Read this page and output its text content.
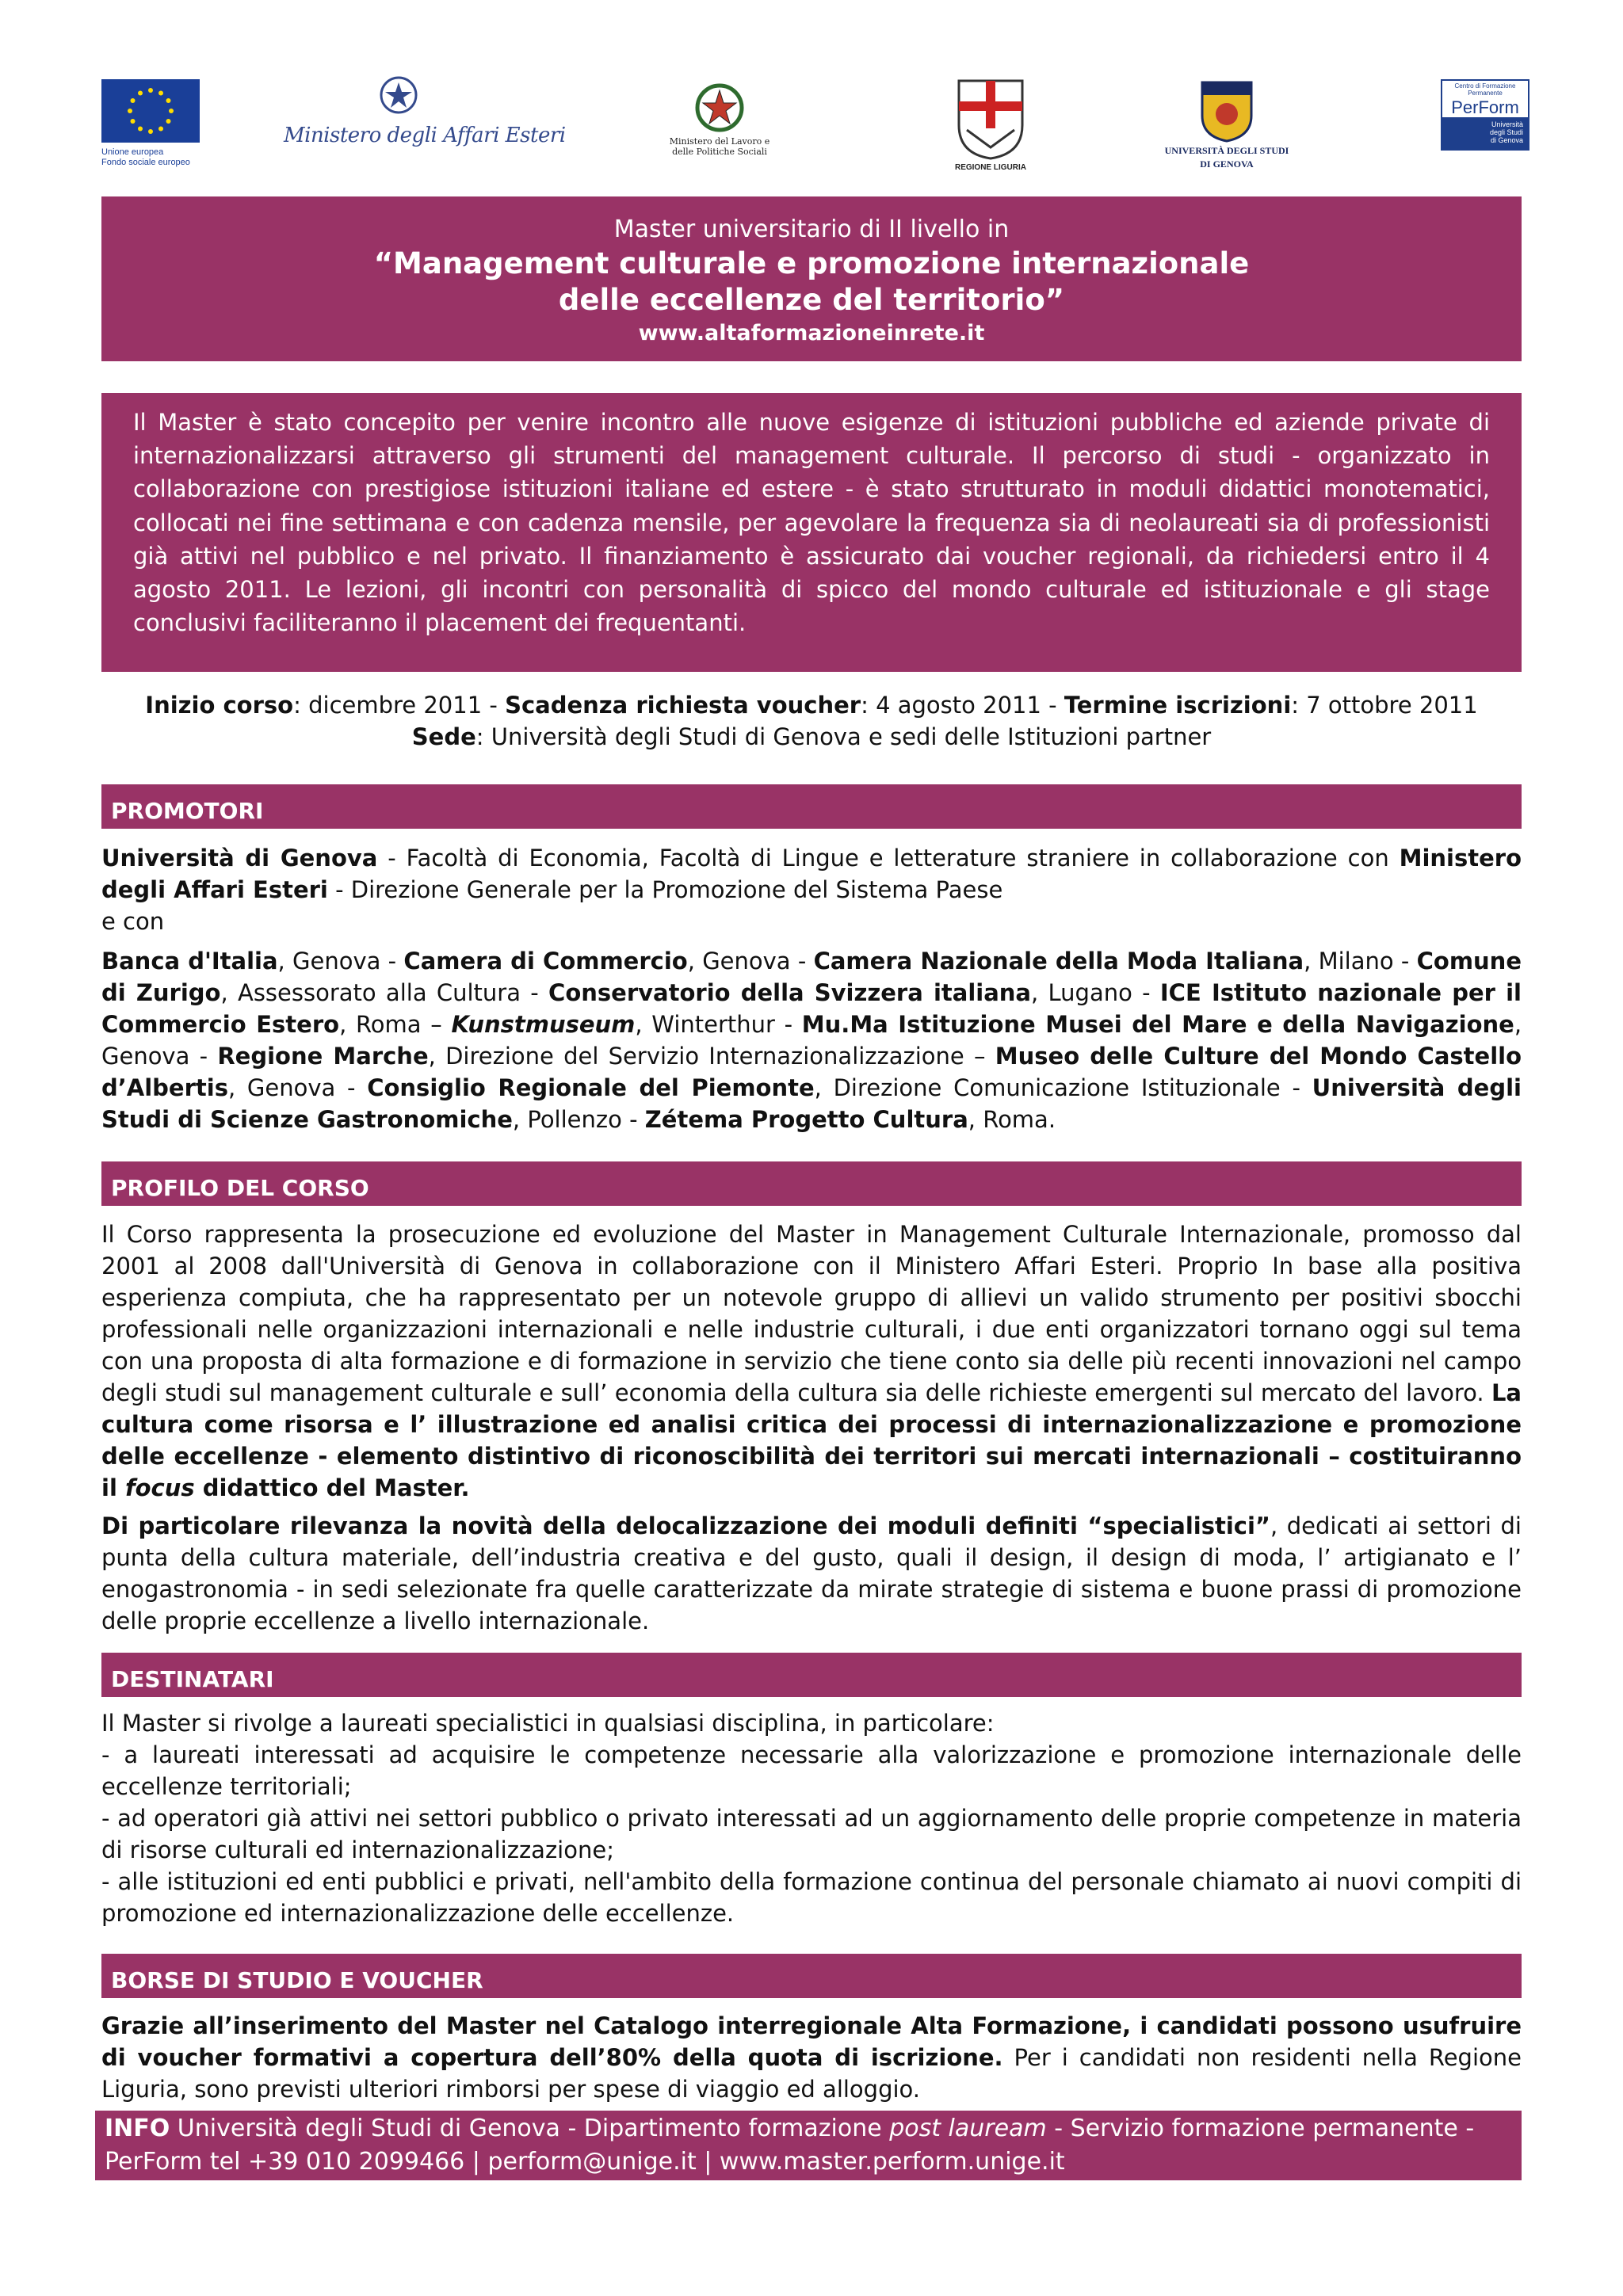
Unione europea
Fondo sociale europeo
Ministero degli Affari Esteri	Ministero del Lavoro e
delle Politiche Sociali
REGIONE LIGURIA
UNIVERSITÀ DEGLI STUDI
DI GENOVA
Centro di Formazione
Permanente
PerForm
Università
degli Studi
di Genova
Master universitario di II livello in
“Management culturale e promozione internazionale
delle eccellenze del territorio”
www.altaformazioneinrete.it
Il Master è stato concepito per venire incontro alle nuove esigenze di istituzioni pubbliche ed aziende private di internazionalizzarsi attraverso gli strumenti del management culturale. Il percorso di studi - organizzato in collaborazione con prestigiose istituzioni italiane ed estere - è stato strutturato in moduli didattici monotematici, collocati nei fine settimana e con cadenza mensile, per agevolare la frequenza sia di neolaureati sia di professionisti già attivi nel pubblico e nel privato. Il finanziamento è assicurato dai voucher regionali, da richiedersi entro il 4 agosto 2011. Le lezioni, gli incontri con personalità di spicco del mondo culturale ed istituzionale e gli stage conclusivi faciliteranno il placement dei frequentanti.
Inizio corso: dicembre 2011 - Scadenza richiesta voucher: 4 agosto 2011 - Termine iscrizioni: 7 ottobre 2011
Sede: Università degli Studi di Genova e sedi delle Istituzioni partner
PROMOTORI

Università di Genova - Facoltà di Economia, Facoltà di Lingue e letterature straniere in collaborazione con Ministero degli Affari Esteri - Direzione Generale per la Promozione del Sistema Paese

e con

Banca d'Italia, Genova - Camera di Commercio, Genova - Camera Nazionale della Moda Italiana, Milano - Comune di Zurigo, Assessorato alla Cultura - Conservatorio della Svizzera italiana, Lugano - ICE Istituto nazionale per il Commercio Estero, Roma – Kunstmuseum, Winterthur - Mu.Ma Istituzione Musei del Mare e della Navigazione, Genova - Regione Marche, Direzione del Servizio Internazionalizzazione – Museo delle Culture del Mondo Castello d’Albertis, Genova - Consiglio Regionale del Piemonte, Direzione Comunicazione Istituzionale - Università degli Studi di Scienze Gastronomiche, Pollenzo - Zétema Progetto Cultura, Roma.

PROFILO DEL CORSO

Il Corso rappresenta la prosecuzione ed evoluzione del Master in Management Culturale Internazionale, promosso dal 2001 al 2008 dall'Università di Genova in collaborazione con il Ministero Affari Esteri. Proprio In base alla positiva esperienza compiuta, che ha rappresentato per un notevole gruppo di allievi un valido strumento per positivi sbocchi professionali nelle organizzazioni internazionali e nelle industrie culturali, i due enti organizzatori tornano oggi sul tema con una proposta di alta formazione e di formazione in servizio che tiene conto sia delle più recenti innovazioni nel campo degli studi sul management culturale e sull’ economia della cultura sia delle richieste emergenti sul mercato del lavoro. La cultura come risorsa e l’ illustrazione ed analisi critica dei processi di internazionalizzazione e promozione delle eccellenze - elemento distintivo di riconoscibilità dei territori sui mercati internazionali – costituiranno il focus didattico del Master.

Di particolare rilevanza la novità della delocalizzazione dei moduli definiti “specialistici”, dedicati ai settori di punta della cultura materiale, dell’industria creativa e del gusto, quali il design, il design di moda, l’ artigianato e l’ enogastronomia - in sedi selezionate fra quelle caratterizzate da mirate strategie di sistema e buone prassi di promozione delle proprie eccellenze a livello internazionale.

DESTINATARI

Il Master si rivolge a laureati specialistici in qualsiasi disciplina, in particolare:

- a laureati interessati ad acquisire le competenze necessarie alla valorizzazione e promozione internazionale delle eccellenze territoriali;

- ad operatori già attivi nei settori pubblico o privato interessati ad un aggiornamento delle proprie competenze in materia di risorse culturali ed internazionalizzazione;

- alle istituzioni ed enti pubblici e privati, nell'ambito della formazione continua del personale chiamato ai nuovi compiti di promozione ed internazionalizzazione delle eccellenze.

BORSE DI STUDIO E VOUCHER

Grazie all’inserimento del Master nel Catalogo interregionale Alta Formazione, i candidati possono usufruire di voucher formativi a copertura dell’80% della quota di iscrizione. Per i candidati non residenti nella Regione Liguria, sono previsti ulteriori rimborsi per spese di viaggio ed alloggio.

INFO Università degli Studi di Genova - Dipartimento formazione post lauream - Servizio formazione permanente - PerForm tel +39 010 2099466 | perform@unige.it | www.master.perform.unige.it
